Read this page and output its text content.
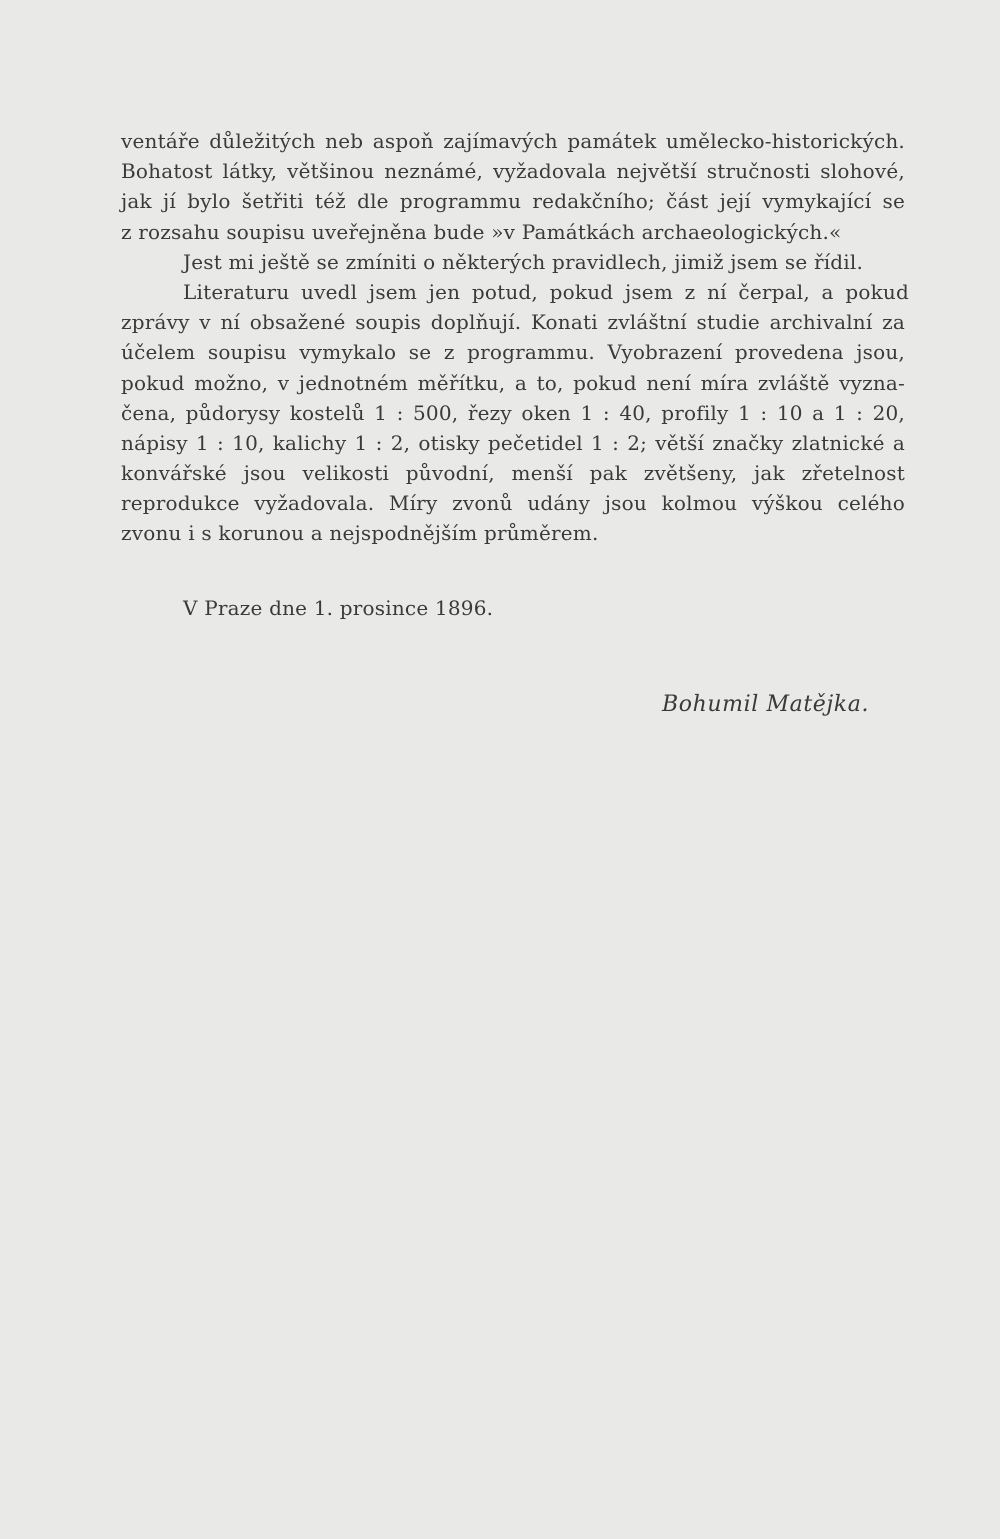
ventáře důležitých neb aspoň zajímavých památek umělecko-historických.
Bohatost látky, většinou neznámé, vyžadovala největší stručnosti slohové,
jak jí bylo šetřiti též dle programmu redakčního; část její vymykající se
z rozsahu soupisu uveřejněna bude »v Památkách archaeologických.«
Jest mi ještě se zmíniti o některých pravidlech, jimiž jsem se řídil.
Literaturu uvedl jsem jen potud, pokud jsem z ní čerpal, a pokud
zprávy v ní obsažené soupis doplňují. Konati zvláštní studie archivalní za
účelem soupisu vymykalo se z programmu. Vyobrazení provedena jsou,
pokud možno, v jednotném měřítku, a to, pokud není míra zvláště vyzna-
čena, půdorysy kostelů 1 : 500, řezy oken 1 : 40, profily 1 : 10 a 1 : 20,
nápisy 1 : 10, kalichy 1 : 2, otisky pečetidel 1 : 2; větší značky zlatnické a
konvářské jsou velikosti původní, menší pak zvětšeny, jak zřetelnost
reprodukce vyžadovala. Míry zvonů udány jsou kolmou výškou celého
zvonu i s korunou a nejspodnějším průměrem.
V Praze dne 1. prosince 1896.
Bohumil Matějka.
